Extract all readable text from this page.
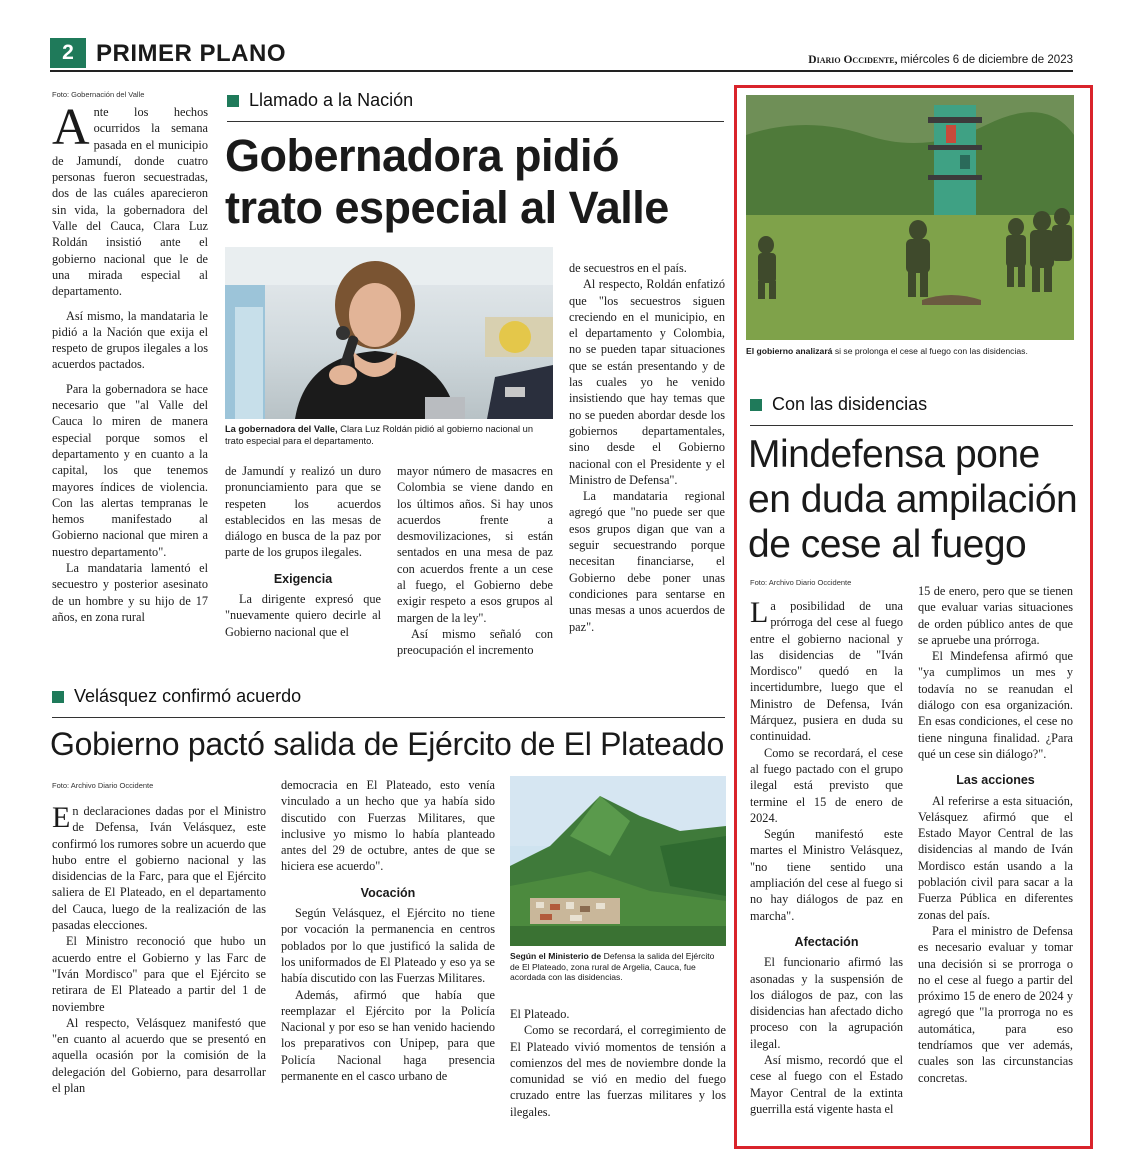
2 PRIMER PLANO	Diario Occidente, miércoles 6 de diciembre de 2023
Foto: Gobernación del Valle

Ante los hechos ocurridos la semana pasada en el municipio de Jamundí, donde cuatro personas fueron secuestradas, dos de las cuáles aparecieron sin vida, la gobernadora del Valle del Cauca, Clara Luz Roldán insistió ante el gobierno nacional que le de una mirada especial al departamento.

Así mismo, la mandataria le pidió a la Nación que exija el respeto de grupos ilegales a los acuerdos pactados.

Para la gobernadora se hace necesario que "al Valle del Cauca lo miren de manera especial porque somos el departamento y en cuanto a la capital, los que tenemos mayores índices de violencia. Con las alertas tempranas le hemos manifestado al Gobierno nacional que miren a nuestro departamento".

La mandataria lamentó el secuestro y posterior asesinato de un hombre y su hijo de 17 años, en zona rural

Llamado a la Nación
Gobernadora pidió
trato especial al Valle
La gobernadora del Valle, Clara Luz Roldán pidió al gobierno nacional un trato especial para el departamento.

de Jamundí y realizó un duro pronunciamiento para que se respeten los acuerdos establecidos en las mesas de diálogo en busca de la paz por parte de los grupos ilegales.

Exigencia

La dirigente expresó que "nuevamente quiero decirle al Gobierno nacional que el

mayor número de masacres en Colombia se viene dando en los últimos años. Si hay unos acuerdos frente a desmovilizaciones, si están sentados en una mesa de paz con acuerdos frente a un cese al fuego, el Gobierno debe exigir respeto a esos grupos al margen de la ley".

Así mismo señaló con preocupación el incremento

de secuestros en el país.

Al respecto, Roldán enfatizó que "los secuestros siguen creciendo en el municipio, en el departamento y Colombia, no se pueden tapar situaciones que se están presentando y de las cuales yo he venido insistiendo que hay temas que no se pueden abordar desde los gobiernos departamentales, sino desde el Gobierno nacional con el Presidente y el Ministro de Defensa".

La mandataria regional agregó que "no puede ser que esos grupos digan que van a seguir secuestrando porque necesitan financiarse, el Gobierno debe poner unas condiciones para sentarse en unas mesas a unos acuerdos de paz".

Velásquez confirmó acuerdo
Gobierno pactó salida de Ejército de El Plateado
Foto: Archivo Diario Occidente

En declaraciones dadas por el Ministro de Defensa, Iván Velásquez, este confirmó los rumores sobre un acuerdo que hubo entre el gobierno nacional y las disidencias de la Farc, para que el Ejército saliera de El Plateado, en el departamento del Cauca, luego de la realización de las pasadas elecciones.

El Ministro reconoció que hubo un acuerdo entre el Gobierno y las Farc de "Iván Mordisco" para que el Ejército se retirara de El Plateado a partir del 1 de noviembre

Al respecto, Velásquez manifestó que "en cuanto al acuerdo que se presentó en aquella ocasión por la comisión de la delegación del Gobierno, para desarrollar el plan

democracia en El Plateado, esto venía vinculado a un hecho que ya había sido discutido con Fuerzas Militares, que inclusive yo mismo lo había planteado antes del 29 de octubre, antes de que se hiciera ese acuerdo".

Vocación

Según Velásquez, el Ejército no tiene por vocación la permanencia en centros poblados por lo que justificó la salida de los uniformados de El Plateado y eso ya se había discutido con las Fuerzas Militares.

Además, afirmó que había que reemplazar el Ejército por la Policía Nacional y por eso se han venido haciendo los preparativos con Unipep, para que Policía Nacional haga presencia permanente en el casco urbano de

Según el Ministerio de Defensa la salida del Ejército de El Plateado, zona rural de Argelia, Cauca, fue acordada con las disidencias.

El Plateado.

Como se recordará, el corregimiento de El Plateado vivió momentos de tensión a comienzos del mes de noviembre donde la comunidad se vió en medio del fuego cruzado entre las fuerzas militares y los ilegales.

El gobierno analizará si se prolonga el cese al fuego con las disidencias.
Con las disidencias
Mindefensa pone
en duda ampilación
de cese al fuego
Foto: Archivo Diario Occidente

La posibilidad de una prórroga del cese al fuego entre el gobierno nacional y las disidencias de "Iván Mordisco" quedó en la incertidumbre, luego que el Ministro de Defensa, Iván Márquez, pusiera en duda su continuidad.

Como se recordará, el cese al fuego pactado con el grupo ilegal está previsto que termine el 15 de enero de 2024.

Según manifestó este martes el Ministro Velásquez, "no tiene sentido una ampliación del cese al fuego si no hay diálogos de paz en marcha".

Afectación

El funcionario afirmó las asonadas y la suspensión de los diálogos de paz, con las disidencias han afectado dicho proceso con la agrupación ilegal.

Así mismo, recordó que el cese al fuego con el Estado Mayor Central de la extinta guerrilla está vigente hasta el

15 de enero, pero que se tienen que evaluar varias situaciones de orden público antes de que se apruebe una prórroga.

El Mindefensa afirmó que "ya cumplimos un mes y todavía no se reanudan el diálogo con esa organización. En esas condiciones, el cese no tiene ninguna finalidad. ¿Para qué un cese sin diálogo?".

Las acciones

Al referirse a esta situación, Velásquez afirmó que el Estado Mayor Central de las disidencias al mando de Iván Mordisco están usando a la población civil para sacar a la Fuerza Pública en diferentes zonas del país.

Para el ministro de Defensa es necesario evaluar y tomar una decisión si se prorroga o no el cese al fuego a partir del próximo 15 de enero de 2024 y agregó que "la prorroga no es automática, para eso tendríamos que ver además, cuales son las circunstancias concretas.
